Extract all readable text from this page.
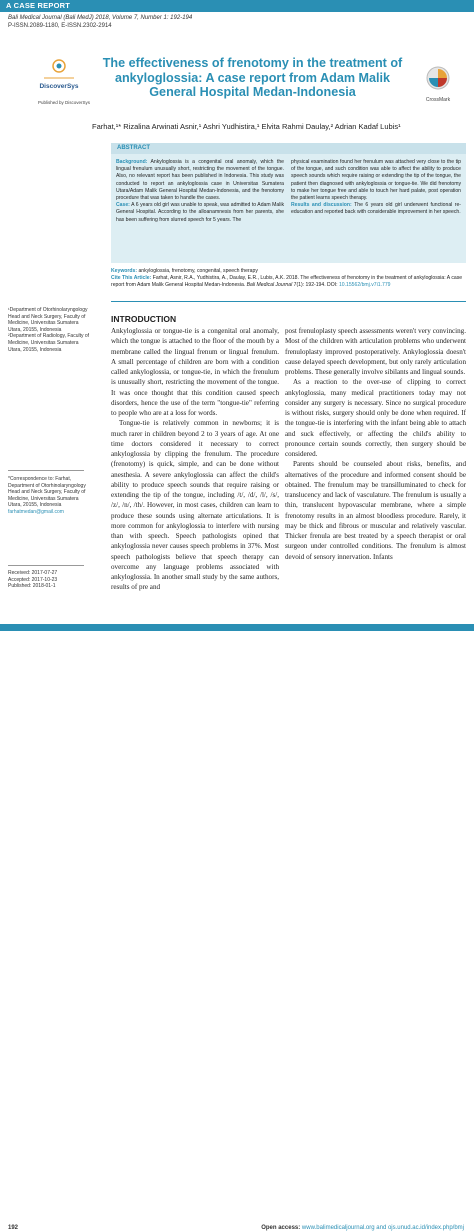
A CASE REPORT
Bali Medical Journal (Bali MedJ) 2018, Volume 7, Number 1: 192-194
P-ISSN.2089-1180, E-ISSN.2302-2914
DiscoverSys
Published by DiscoverSys
The effectiveness of frenotomy in the treatment of ankyloglossia: A case report from Adam Malik General Hospital Medan-Indonesia
CrossMark
Farhat,¹* Rizalina Arwinati Asnir,¹ Ashri Yudhistira,¹ Elvita Rahmi Daulay,² Adrian Kadaf Lubis¹
ABSTRACT
Background: Ankyloglossia is a congenital oral anomaly, which the lingual frenulum unusually short, restricting the movement of the tongue. Also, no relevant report has been published in Indonesia. This study was conducted to report an ankyloglossia case in Universitas Sumatera Utara/Adam Malik General Hospital Medan-Indonesia, and the frenotomy procedure that was taken to handle the cases.
Case: A 6 years old girl was unable to speak, was admitted to Adam Malik General Hospital. According to the alloanamnesis from her parents, she has been suffering from slurred speech for 5 years. The
physical examination found her frenulum was attached very close to the tip of the tongue, and such condition was able to affect the ability to produce speech sounds which require raising or extending the tip of the tongue, the patient then diagnosed with ankyloglossia or tongue-tie. We did frenotomy to make her tongue free and able to touch her hard palate, post operation the patient learns speech therapy.
Results and discussion: The 6 years old girl underwent functional re-education and reported back with considerable improvement in her speech.
Keywords: ankyloglossia, frenotomy, congenital, speech therapy
Cite This Article: Farhat, Asnir, R.A., Yudhistira, A., Daulay, E.R., Lubis, A.K. 2018. The effectiveness of frenotomy in the treatment of ankyloglossia: A case report from Adam Malik General Hospital Medan-Indonesia. Bali Medical Journal 7(1): 192-194. DOI: 10.15562/bmj.v7i1.779
¹Department of Otorhinolaryngology Head and Neck Surgery, Faculty of Medicine, Universitas Sumatera Utara, 20155, Indonesia
²Department of Radiology, Faculty of Medicine, Universitas Sumatera Utara, 20155, Indonesia
*Correspondence to: Farhat, Department of Otorhinolaryngology Head and Neck Surgery, Faculty of Medicine, Universitas Sumatera Utara, 20155, Indonesia
farhatmedan@gmail.com
Received: 2017-07-27
Accepted: 2017-10-23
Published: 2018-01-1
INTRODUCTION

Ankyloglossia or tongue-tie is a congenital oral anomaly, which the tongue is attached to the floor of the mouth by a membrane called the lingual frenum or lingual frenulum. A small percentage of children are born with a condition called ankyloglossia, or tongue-tie, in which the frenulum is unusually short, restricting the movement of the tongue. It was once thought that this condition caused speech disorders, hence the use of the term "tongue-tie" referring to people who are at a loss for words.

Tongue-tie is relatively common in newborns; it is much rarer in children beyond 2 to 3 years of age. At one time doctors considered it necessary to correct ankyloglossia by clipping the frenulum. The procedure (frenotomy) is quick, simple, and can be done without anesthesia. A severe ankyloglossia can affect the child's ability to produce speech sounds that require raising or extending the tip of the tongue, including /t/, /d/, /l/, /s/, /z/, /n/, /th/. However, in most cases, children can learn to produce these sounds using alternate articulations. It is more common for ankyloglossia to interfere with nursing than with speech. Speech pathologists opined that ankyloglossia never causes speech problems in 37%. Most speech pathologists believe that speech therapy can overcome any language problems associated with ankyloglossia. In another small study by the same authors, results of pre and

post frenuloplasty speech assessments weren't very convincing. Most of the children with articulation problems who underwent frenuloplasty improved postoperatively. Ankyloglossia doesn't cause delayed speech development, but only rarely articulation problems. These generally involve sibilants and lingual sounds.

As a reaction to the over-use of clipping to correct ankyloglossia, many medical practitioners today may not consider any surgery is necessary. Since no surgical procedure is without risks, surgery should only be done when required. If the tongue-tie is interfering with the infant being able to attach and suck effectively, or affecting the child's ability to pronounce certain sounds correctly, then surgery should be considered.

Parents should be counseled about risks, benefits, and alternatives of the procedure and informed consent should be obtained. The frenulum may be transilluminated to check for translucency and lack of vasculature. The frenulum is usually a thin, translucent hypovascular membrane, where a simple frenotomy results in an almost bloodless procedure. Rarely, it may be thick and fibrous or muscular and relatively vascular. Thicker frenula are best treated by a speech therapist or oral surgeon under controlled conditions. The frenulum is almost devoid of sensory innervation. Infants

192	Open access: www.balimedicaljournal.org and ojs.unud.ac.id/index.php/bmj
